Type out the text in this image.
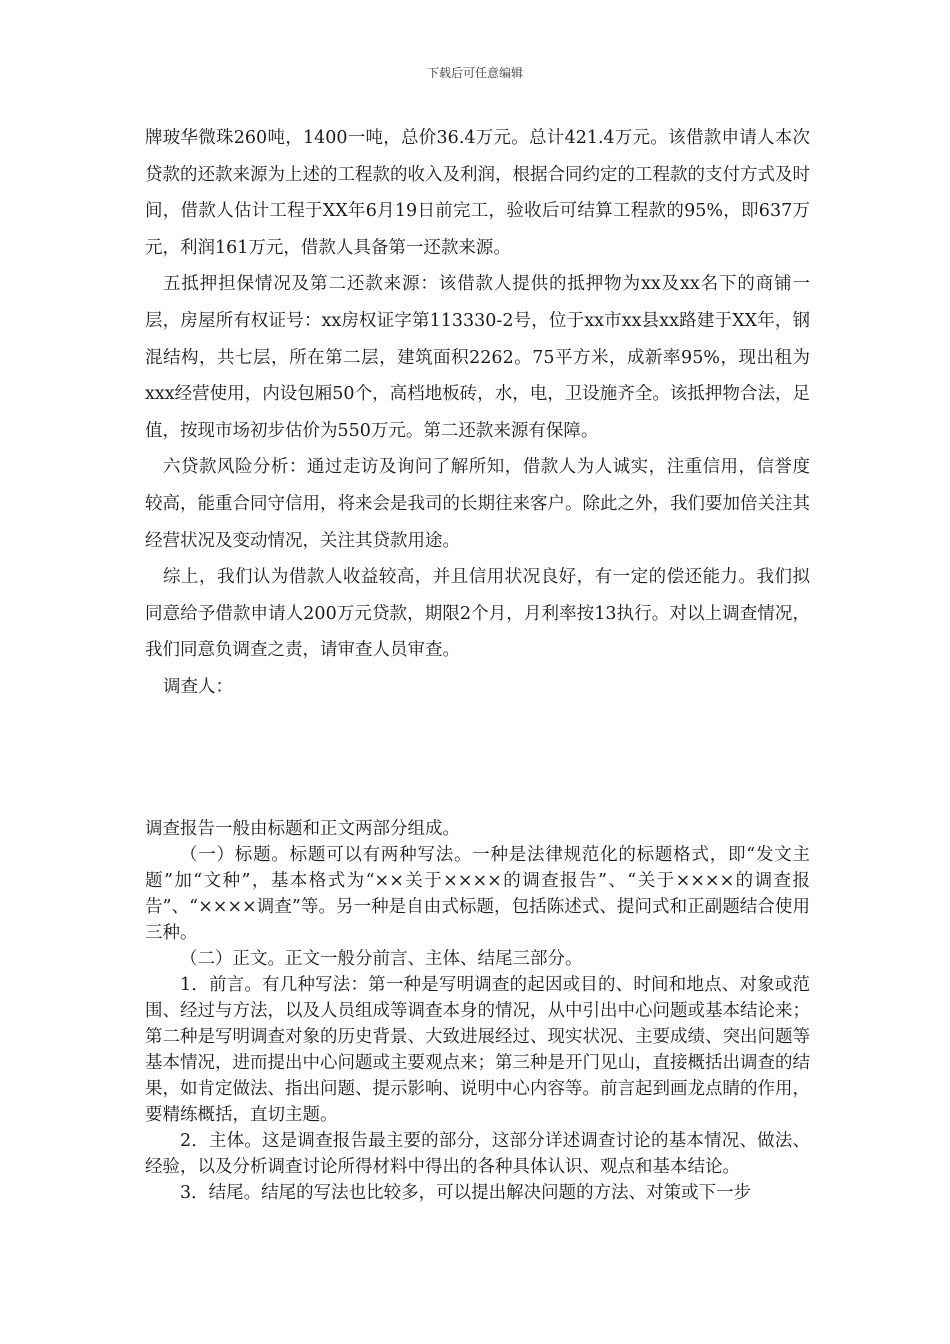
下载后可任意编辑

牌玻华微珠260吨，1400一吨，总价36.4万元。总计421.4万元。该借款申请人本次贷款的还款来源为上述的工程款的收入及利润，根据合同约定的工程款的支付方式及时间，借款人估计工程于XX年6月19日前完工，验收后可结算工程款的95%，即637万元，利润161万元，借款人具备第一还款来源。

五抵押担保情况及第二还款来源：该借款人提供的抵押物为xx及xx名下的商铺一层，房屋所有权证号：xx房权证字第113330-2号，位于xx市xx县xx路建于XX年，钢混结构，共七层，所在第二层，建筑面积2262。75平方米，成新率95%，现出租为xxx经营使用，内设包厢50个，高档地板砖，水，电，卫设施齐全。该抵押物合法，足值，按现市场初步估价为550万元。第二还款来源有保障。

六贷款风险分析：通过走访及询问了解所知，借款人为人诚实，注重信用，信誉度较高，能重合同守信用，将来会是我司的长期往来客户。除此之外，我们要加倍关注其经营状况及变动情况，关注其贷款用途。

综上，我们认为借款人收益较高，并且信用状况良好，有一定的偿还能力。我们拟同意给予借款申请人200万元贷款，期限2个月，月利率按13执行。对以上调查情况，我们同意负调查之责，请审查人员审查。

调查人：

调查报告一般由标题和正文两部分组成。

（一）标题。标题可以有两种写法。一种是法律规范化的标题格式，即“发文主题”加“文种”，基本格式为“××关于××××的调查报告”、“关于××××的调查报告”、“××××调查”等。另一种是自由式标题，包括陈述式、提问式和正副题结合使用三种。

（二）正文。正文一般分前言、主体、结尾三部分。

1．前言。有几种写法：第一种是写明调查的起因或目的、时间和地点、对象或范围、经过与方法，以及人员组成等调查本身的情况，从中引出中心问题或基本结论来；第二种是写明调查对象的历史背景、大致进展经过、现实状况、主要成绩、突出问题等基本情况，进而提出中心问题或主要观点来；第三种是开门见山，直接概括出调查的结果，如肯定做法、指出问题、提示影响、说明中心内容等。前言起到画龙点睛的作用，要精练概括，直切主题。

2．主体。这是调查报告最主要的部分，这部分详述调查讨论的基本情况、做法、经验，以及分析调查讨论所得材料中得出的各种具体认识、观点和基本结论。

3．结尾。结尾的写法也比较多，可以提出解决问题的方法、对策或下一步
